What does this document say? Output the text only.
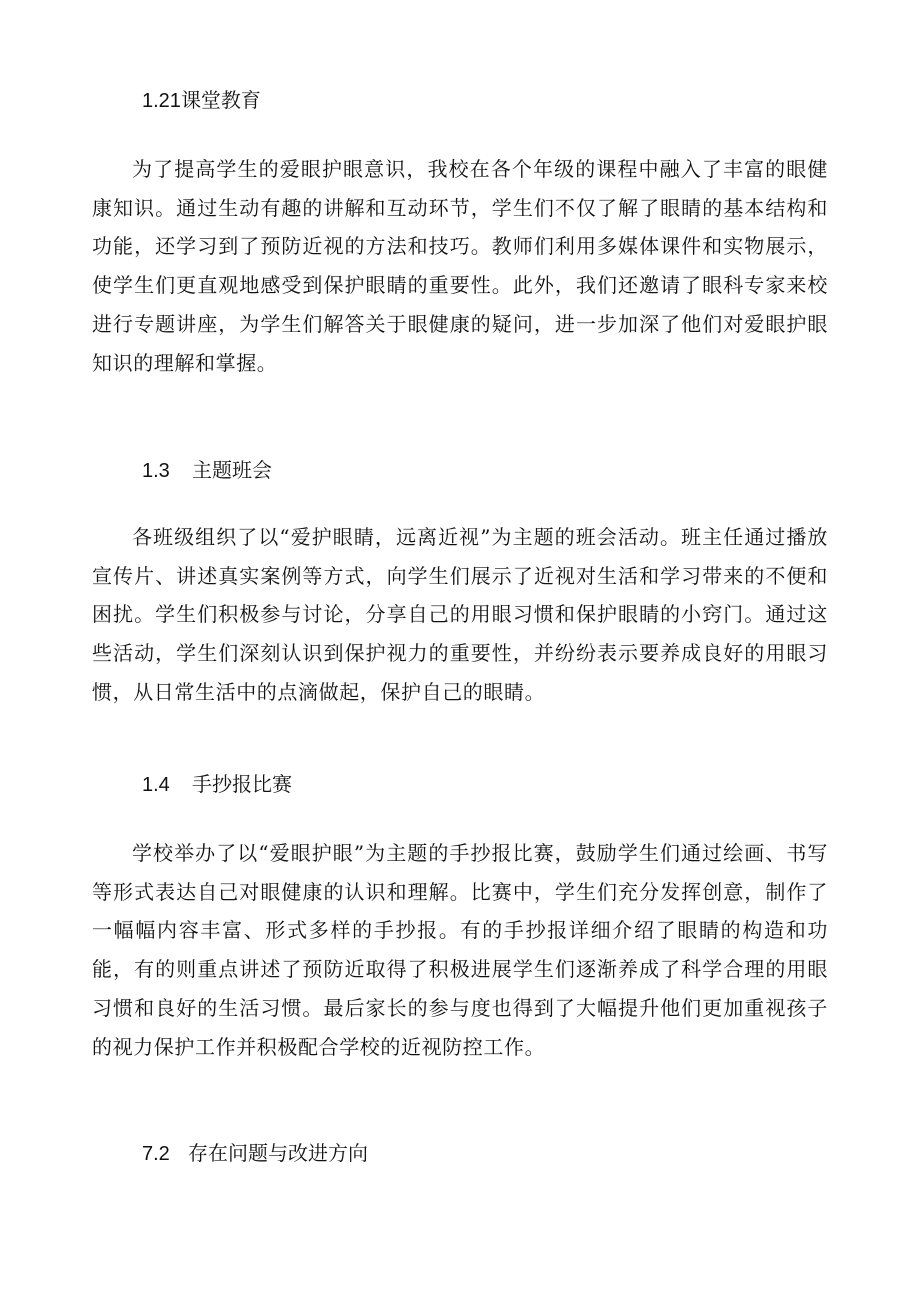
1.21课堂教育

为了提高学生的爱眼护眼意识，我校在各个年级的课程中融入了丰富的眼健康知识。通过生动有趣的讲解和互动环节，学生们不仅了解了眼睛的基本结构和功能，还学习到了预防近视的方法和技巧。教师们利用多媒体课件和实物展示，使学生们更直观地感受到保护眼睛的重要性。此外，我们还邀请了眼科专家来校进行专题讲座，为学生们解答关于眼健康的疑问，进一步加深了他们对爱眼护眼知识的理解和掌握。

1.3 主题班会

各班级组织了以“爱护眼睛，远离近视”为主题的班会活动。班主任通过播放宣传片、讲述真实案例等方式，向学生们展示了近视对生活和学习带来的不便和困扰。学生们积极参与讨论，分享自己的用眼习惯和保护眼睛的小窍门。通过这些活动，学生们深刻认识到保护视力的重要性，并纷纷表示要养成良好的用眼习惯，从日常生活中的点滴做起，保护自己的眼睛。

1.4 手抄报比赛

学校举办了以“爱眼护眼”为主题的手抄报比赛，鼓励学生们通过绘画、书写等形式表达自己对眼健康的认识和理解。比赛中，学生们充分发挥创意，制作了一幅幅内容丰富、形式多样的手抄报。有的手抄报详细介绍了眼睛的构造和功能，有的则重点讲述了预防近取得了积极进展学生们逐渐养成了科学合理的用眼习惯和良好的生活习惯。最后家长的参与度也得到了大幅提升他们更加重视孩子的视力保护工作并积极配合学校的近视防控工作。

7.2 存在问题与改进方向
